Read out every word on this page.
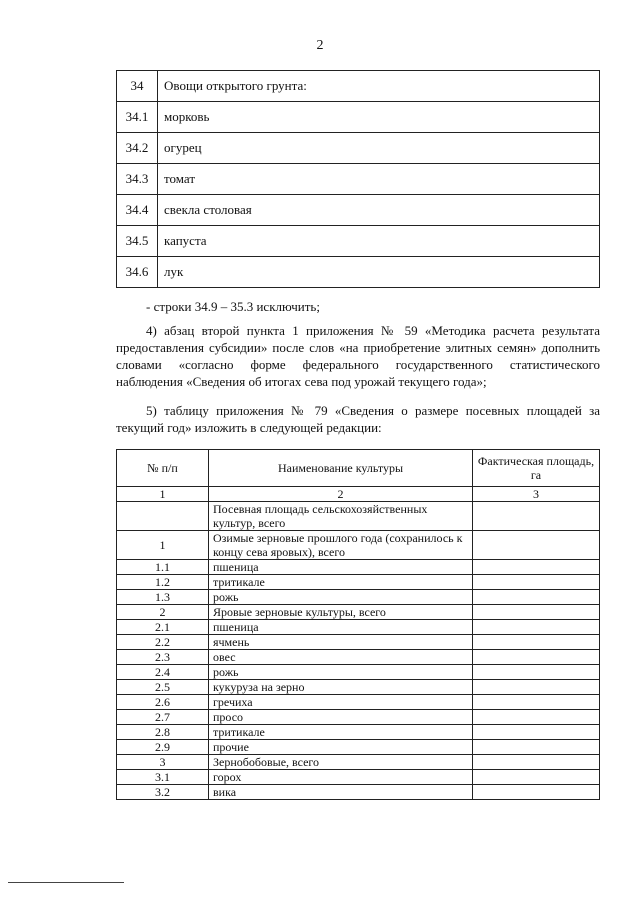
2
34	Овощи открытого грунта:
34.1	морковь
34.2	огурец
34.3	томат
34.4	свекла столовая
34.5	капуста
34.6	лук

- строки 34.9 – 35.3 исключить;

4) абзац второй пункта 1 приложения № 59 «Методика расчета результата предоставления субсидии» после слов «на приобретение элитных семян» дополнить словами «согласно форме федерального государственного статистического наблюдения «Сведения об итогах сева под урожай текущего года»;

5) таблицу приложения № 79 «Сведения о размере посевных площадей за текущий год» изложить в следующей редакции:

№ п/п	Наименование культуры	Фактическая площадь, га
1	2	3
	Посевная площадь сельскохозяйственных культур, всего	
1	Озимые зерновые прошлого года (сохранилось к концу сева яровых), всего	
1.1	пшеница	
1.2	тритикале	
1.3	рожь	
2	Яровые зерновые культуры, всего	
2.1	пшеница	
2.2	ячмень	
2.3	овес	
2.4	рожь	
2.5	кукуруза на зерно	
2.6	гречиха	
2.7	просо	
2.8	тритикале	
2.9	прочие	
3	Зернобобовые, всего	
3.1	горох	
3.2	вика	
